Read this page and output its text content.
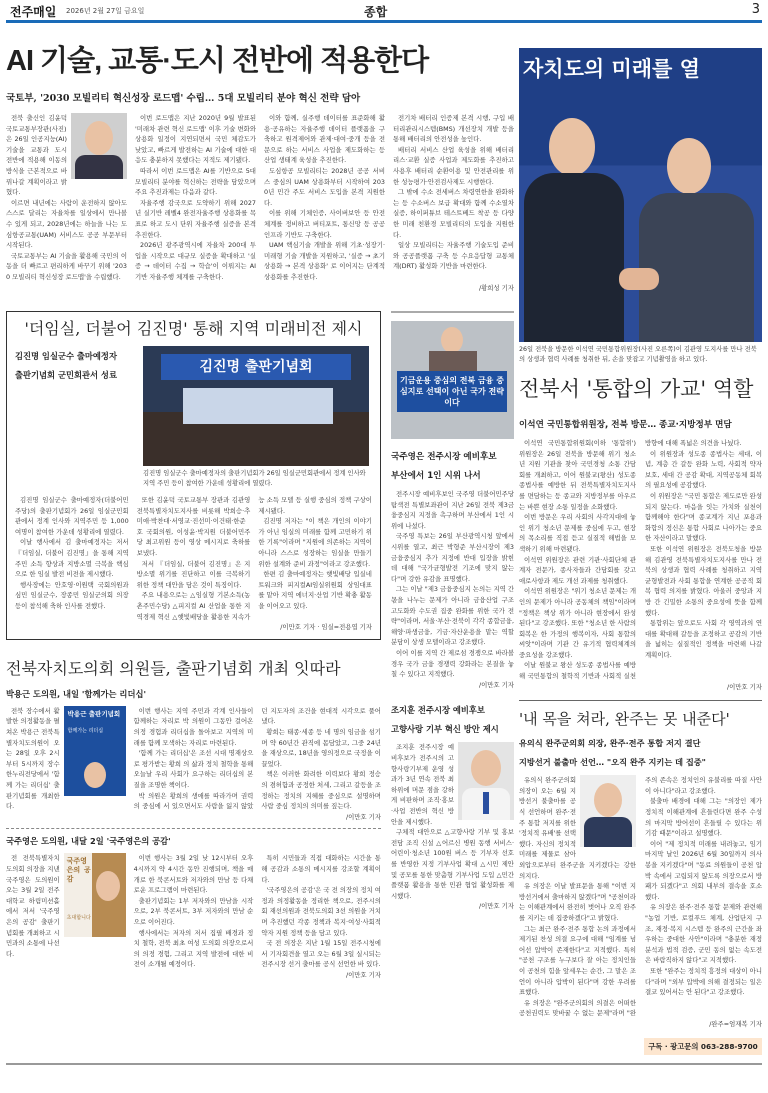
전주매일 2026년 2월 27일 금요일	종합	3
AI 기술, 교통·도시 전반에 적용한다
국토부, '2030 모빌리티 혁신성장 로드맵' 수립… 5대 모빌리티 분야 혁신 전략 담아

전북 출신인 김윤덕 국토교통부장관(사진)은 26일 인공지능(AI) 기술을 교통과 도시 전반에 적용해 이동의 방식을 근본적으로 바꿔나갈 계획이라고 밝혔다.

이르면 내년에는 사람이 운전하지 않아도 스스로 달리는 자율차를 일상에서 만나볼 수 있게 되고, 2028년에는 하늘을 나는 도심항공교통(UAM) 서비스도 공공 부문부터 시작된다.

국토교통부는 AI 기술을 활용해 국민의 이동을 더 빠르고 편리하게 바꾸기 위해 '2030 모빌리티 혁신성장 로드맵'을 수립했다.

이번 로드맵은 지난 2020년 9월 발표된 '미래차 관련 혁신 로드맵' 이후 기술 변화와 상용화 일정이 지연되면서 국민 체감도가 낮았고, 빠르게 발전하는 AI 기술에 대한 대응도 충분하지 못했다는 지적도 제기됐다.

따라서 이번 로드맵은 AI를 기반으로 5대 모빌리티 분야를 혁신하는 전략을 담았으며 주요 추진과제는 다음과 같다.

자율주행 감국으로 도약하기 위해 2027년 실기반 레벨4 완전자율주행 상용화를 목표로 하고 도시 단위 자율주행 실증을 본격 추진한다.

2026년 광주광역시에 자율차 200대 투입을 시작으로 대규모 실증을 확대하고 '실증 → 데이터 수집 → 학습'이 이뤄지는 AI 기반 자율주행 체계를 구축한다.

이와 함께, 실주행 데이터를 표준화해 활용·공유하는 자율주행 데이터 플랫폼을 구축하고 원격제어와 관제·대여·중개 등을 전문으로 하는 서비스 사업을 제도화하는 등 산업 생태계 육성을 추진한다.

도심항공 모빌리티는 2028년 공공 서비스 중심의 UAM 상용화부터 시작하여 2030년 민간 주도 서비스 도입을 본격 지원한다.

이를 위해 기체인증, 사이버보안 등 안전체계를 정비하고 버티포트, 통신망 등 공공 인프라 기반도 구축한다.

UAM 핵심기술 개발을 위해 기초·성장기·미래형 기술 개발을 지원하고, '실증 → 초기상용화 → 본격 상용화' 로 이어지는 단계적 상용화를 추진한다.

전기차 배터리 인증제 본격 시행, 구입 배터리관리시스템(BMS) 개선장치 개발 등을 통해 배터리의 안전성을 높인다.

배터리 서비스 산업 육성을 위해 배터리 리스·교환 실증 사업과 제도화를 추진하고 사용후 배터리 순환이용 및 안전관리를 위한 성능평가·안전검사제도 시행한다.

그 밖에 수소 전세버스 차령연한을 완화하는 등 수소버스 보급 확대와 함께 수소열차 실증, 하이퍼튜브 테스트베드 착공 등 다양한 미래 친환경 모빌리티의 도입을 지원한다.

일상 모빌리티는 자율주행 기술도입 준비와 공공플랫폼 구축 등 수요응답형 교통체계(DRT) 활성화 기반을 마련한다.

/황희성 기자
'더임실, 더불어 김진명' 통해 지역 미래비전 제시
김진명 임실군수 출마예정자
출판기념회 군민회관서 성료	김진명 출판기념회
김진명 임실군수 출마예정자의 출판기념회가 26일 임실군민회관에서 정계 인사와 지역 주민 등이 참여한 가운데 성황리에 열렸다.

김진명 임실군수 출마예정자(더불어민주당)의 출판기념회가 26일 임실군민회관에서 정계 인사와 지역주민 등 1,000여명이 참여한 가운데 성황리에 열렸다.

이날 행사에서 김 출마예정자는 저서 『더임실, 더불어 김진명』을 통해 지역 주민 소득 향상과 지방소멸 극복을 핵심으로 한 임실 발전 비전을 제시했다.

행사장에는 안호영·이원택 국회의원과 심민 임실군수, 장종민 임실군의회 의장 등이 참석해 축하 인사를 전했다.

또한 김윤덕 국토교통부 장관과 김관영 전북특별자치도지사를 비롯해 박희승·추미애·박찬대·서영교·진선미·이건태·한준호 국회의원, 이성윤·박지원 더불어민주당 최고위원 등이 영상 메시지로 축하를 보냈다.

저서 『더임실, 더불어 김진명』은 지방소멸 위기를 진단하고 이를 극복하기 위한 정책 대안을 담은 것이 특징이다.

주요 내용으로는 △임실형 기본소득(농촌주민수당) △피지컬 AI 산업을 통한 지역경제 혁신 △햇빛배당을 활용한 지속가능 소득 모델 등 실행 중심의 정책 구상이 제시됐다.

김진명 저자는 "이 책은 개인의 이야기가 아닌 임실의 미래를 함께 고민하기 위한 기록"이라며 "지원에 의존하는 지역이 아니라 스스로 성장하는 임실을 만들기 위한 설계와 준비 과정"이라고 강조했다.

한편 김 출마예정자는 햇빛배당 입실네트워크와 피지컬AI임실위원회 상임대표를 맡아 지역 에너지·산업 기반 확충 활동을 이어오고 있다.

/이만호 기자 · 임실=전용엽 기자
전북자치도의회 의원들, 출판기념회 개최 잇따라
박용근 도의원, 내일 '함께가는 리더십'
박용근 출판기념회
함께가는 리더십

전북 장수에서 활발한 의정활동을 펼쳐온 박용근 전북특별자치도의원이 오는 28일 오후 2시부터 5시까지 장수한누리전당에서 '함께 가는 리더십' 출판기념회를 개최한다.

이번 행사는 지역 주민과 각계 인사들이 함께하는 자리로 박 의원이 그동안 걸어온 의정 경험과 리더십을 돌아보고 지역의 미래를 함께 모색하는 자리로 마련된다.

'함께 가는 리더십'은 조선 시대 명재상으로 평가받는 황희 의 삶과 정치 철학을 통해 오늘날 우리 사회가 요구하는 리더십의 본질을 조명한 책이다.

박 의원은 황희의 생애를 따라가며 권력의 중심에 서 있으면서도 사람을 잃지 않았던 지도자의 조건을 현대적 시각으로 풀어냈다.

황희는 태종·세종 등 네 명의 임금을 섬기며 약 60년간 관직에 몸담았고, 그중 24년을 재상으로, 18년을 영의정으로 국정을 이끌었다.

책은 이러한 화려한 이력보다 황희 정승의 겸허함과 공정한 처세, 그리고 갈등을 조정하는 정치의 지혜를 중심으로 설명하며 사람 중심 정치의 의미를 짚는다.

/이만호 기자
국주영은 도의원, 내달 2일 '국주영은의 공감'
국주영은의 공감
초대합니다

전 전북특별자치도의회 의장을 지낸 국주영은 도의원이 오는 3월 2일 전주대학교 하림미션홀에서 저서 '국주영은의 공감' 출판기념회를 개최하고 시민과의 소통에 나선다.

이번 행사는 3월 2일 낮 12시부터 오후 4시까지 약 4시간 동안 진행되며, 책을 매개로 한 북콘서트와 저자와의 만남 등 다채로운 프로그램이 마련된다.

출판기념회는 1부 저자와의 만남을 시작으로, 2부 북콘서트, 3부 저자와의 만남 순으로 이어진다.

행사에서는 저자의 저서 집필 배경과 정치 철학, 전북 최초 여성 도의회 의장으로서의 의정 경험, 그리고 지역 발전에 대한 비전이 소개될 예정이다.

특히 시민들과 직접 대화하는 시간을 통해 공감과 소통의 메시지를 강조할 계획이다.

'국주영은의 공감'은 국 전 의장의 정치 여정과 의정활동을 정리한 책으로, 전주시의회 재선의원과 전북도의회 3선 의원을 거치며 추진했던 각종 정책과 복지·여성·사회적 약자 지원 정책 등을 담고 있다.

국 전 의장은 지난 1월 15일 전주시청에서 기자회견을 열고 오는 6월 3일 실시되는 전주시장 선거 출마를 공식 선언한 바 있다.

/이만호 기자
기금운용 중심의 전북 금융 중심지로 선택이 아닌 국가 전략이다
국주영은 전주시장 예비후보
부산에서 1인 시위 나서

전주시장 예비후보인 국주영 더불어민주당 탐색전 특별보좌관이 지난 26일 전북 제3금융중심지 지정을 촉구하며 부산에서 1인 시위에 나섰다.

국주영 특보는 26일 부산광역시청 앞에서 시위를 열고, 최근 박형준 부산시장이 제3 금융중심지 추가 지정에 반대 입장을 밝힌 데 대해 "국가균형발전 기조에 맞지 않는다"며 강한 유감을 표명했다.

그는 이날 "제3 금융중심지 논의는 지역 간 몫을 나누는 문제가 아니라 금융산업 구조 고도화와 수도권 집중 완화를 위한 국가 전략"이라며, 서울·부산·전북이 각각 종합금융, 해양·파생금융, 기금·자산운용을 맡는 역할 분담이 상생 모델이라고 강조했다.

이어 이를 지역 간 제로섬 경쟁으로 바라볼 경우 국가 금융 경쟁력 강화라는 본질을 놓칠 수 있다고 지적했다.

/이만호 기자
조지훈 전주시장 예비후보
고향사랑 기부 혁신 방안 제시

조지훈 전주시장 예비후보가 전주시의 고향사랑기부제 운영 성과가 3년 연속 전북 최하위에 머문 점을 강하게 비판하며 조직·홍보·사업 전반의 혁신 방안을 제시했다.

구체적 대안으로 △고향사랑 기부 및 홍보 전담 조직 신설 △어르신 병원 동행 서비스·어린이·청소년 100원 버스 등 기부자 선호를 반영한 지정 기부사업 확대 △시민 제안 및 공모를 통한 맞춤형 기부사업 도입 △민간 플랫폼 활용을 통한 민관 협업 활성화를 제시했다.

/이만호 기자
자치도의 미래를 열
26일 전북을 방문한 이석연 국민통합위원장(사진 오른쪽)이 김관영 도지사를 만나 전북의 상생과 협력 사례를 청취한 뒤, 손을 맞잡고 기념촬영을 하고 있다.
전북서 '통합의 가교' 역할
이석연 국민통합위원장, 전북 방문… 종교·지방정부 면담

이석연 국민통합위원회(이하 '통합위') 위원장은 26일 전북을 방문해 위기 청소년 지원 기관을 찾아 국민경청 소통 간담회를 개최하고, 이어 원불교(왕산) 성도종 종법사를 예방한 뒤 전북특별자치도지사를 면담하는 등 종교와 지방정부를 아우르는 바쁜 현장 소통 일정을 소화했다.

이번 방문은 우리 사회의 사각지대에 놓인 위기 청소년 문제를 중심에 두고, 현장의 목소리를 직접 듣고 실질적 해법을 모색하기 위해 마련됐다.

이석연 위원장은 관련 기관·사회단체 관계자 전문가, 종사자들과 간담회를 갖고 애로사항과 제도 개선 과제를 청취했다.

이석연 위원장은 "위기 청소년 문제는 개인의 문제가 아니라 공동체의 책임"이라며 "정책은 책상 위가 아니라 현장에서 완성된다"고 강조했다. 또한 "청소년 한 사람의 회복은 한 가정의 행복이자, 사회 통합의 씨앗"이라며 기관 간 유기적 협력체계의 중요성을 강조했다.

이날 원불교 왕산 성도종 종법사를 예방해 국민통합의 철학적 기반과 사회적 실천 방향에 대해 폭넓은 의견을 나눴다.

이 위원장과 성도종 종법사는 세대, 이념, 계층 간 갈등 완화 노력, 사회적 약자 보호, 세대 간 공감 확대, 지역공동체 회복의 필요성에 공감했다.

이 위원장은 "국민 통합은 제도로만 완성되지 않는다. 마음을 잇는 가치와 실천이 함께해야 한다"며 종교계가 지닌 포용과 화합의 정신은 통합 사회로 나아가는 중요한 자산이라고 말했다.

또한 이석연 위원장은 전북도청을 방문해 김관영 전북특별자치도지사를 만나 전북의 상생과 협력 사례를 청취하고 지역 균형발전과 사회 통합을 연계한 공공적 회복 협력 의지를 밝혔다. 아울러 중앙과 지방 간 긴밀한 소통의 중요성에 뜻을 함께했다.

통합위는 앞으로도 사회 각 영역과의 연대를 확대해 갈등을 조정하고 공감의 기반을 넓히는 실질적인 정책을 마련해 나갈 계획이다.

/이만호 기자
'내 목을 쳐라, 완주는 못 내준다'
유의식 완주군의회 의장, 완주·전주 통합 저지 결단
지방선거 불출마 선언… "오직 완주 지키는 데 집중"

유의식 완주군의회 의장이 오는 6월 지방선거 불출마를 공식 선언하며 완주·전주 통합 저지를 위한 '정치적 유배'를 선택했다. 자신의 정치적 미래를 제물로 삼아 외압으로부터 완주군을 지키겠다는 강한 의지다.

유 의장은 이날 발표문을 통해 "이번 지방선거에서 출마하지 않겠다"며 "공천이라는 이해관계에서 완전히 벗어나 오직 완주를 지키는 데 집중하겠다"고 밝혔다.

그는 최근 완주·전주 통합 논의 과정에서 제기된 찬성 의결 요구에 대해 "임계를 넘어선 압박이 존재한다"고 지적했다. 특히 "공천 구조를 누구보다 잘 아는 정치인들이 공천의 힘을 앞세우는 순간, 그 말은 조언이 아니라 압박이 된다"며 강한 우려를 표했다.

유 의장은 "완주군의회의 의결은 어떠한 공천권력도 맞바꿀 수 없는 문제"라며 "완주의 존속은 정치인의 유불리를 따질 사안이 아니다"라고 강조했다.

불출마 배경에 대해 그는 "의장인 제가 정치적 이해관계에 흔들린다면 완주 수성의 마지막 방어선이 흔들릴 수 있다는 위기감 때문"이라고 설명했다.

이어 "제 정치적 미래를 내려놓고, 임기 마지막 날인 2026년 6월 30일까지 의사봉을 지키겠다"며 "동료 의원들이 공천 압박 속에서 고립되지 않도록 의장으로서 방패가 되겠다"고 의회 내부의 결속을 호소했다.

유 의장은 완주·전주 통합 문제와 관련해 "농업 기반, 로컬푸드 체계, 산업단지 구조, 재정·복지 시스템 등 완주의 근간을 좌우하는 중대한 사안"이라며 "충분한 재정 분석과 법적 검증, 군민 동의 없는 속도전은 바람직하지 않다"고 지적했다.

또한 "완주는 정치적 흥정의 대상이 아니다"라며 "외부 압박에 의해 결정되는 일은 결코 있어서는 안 된다"고 강조했다.

/완주=엄재복 기자
구독 · 광고문의 063-288-9700
